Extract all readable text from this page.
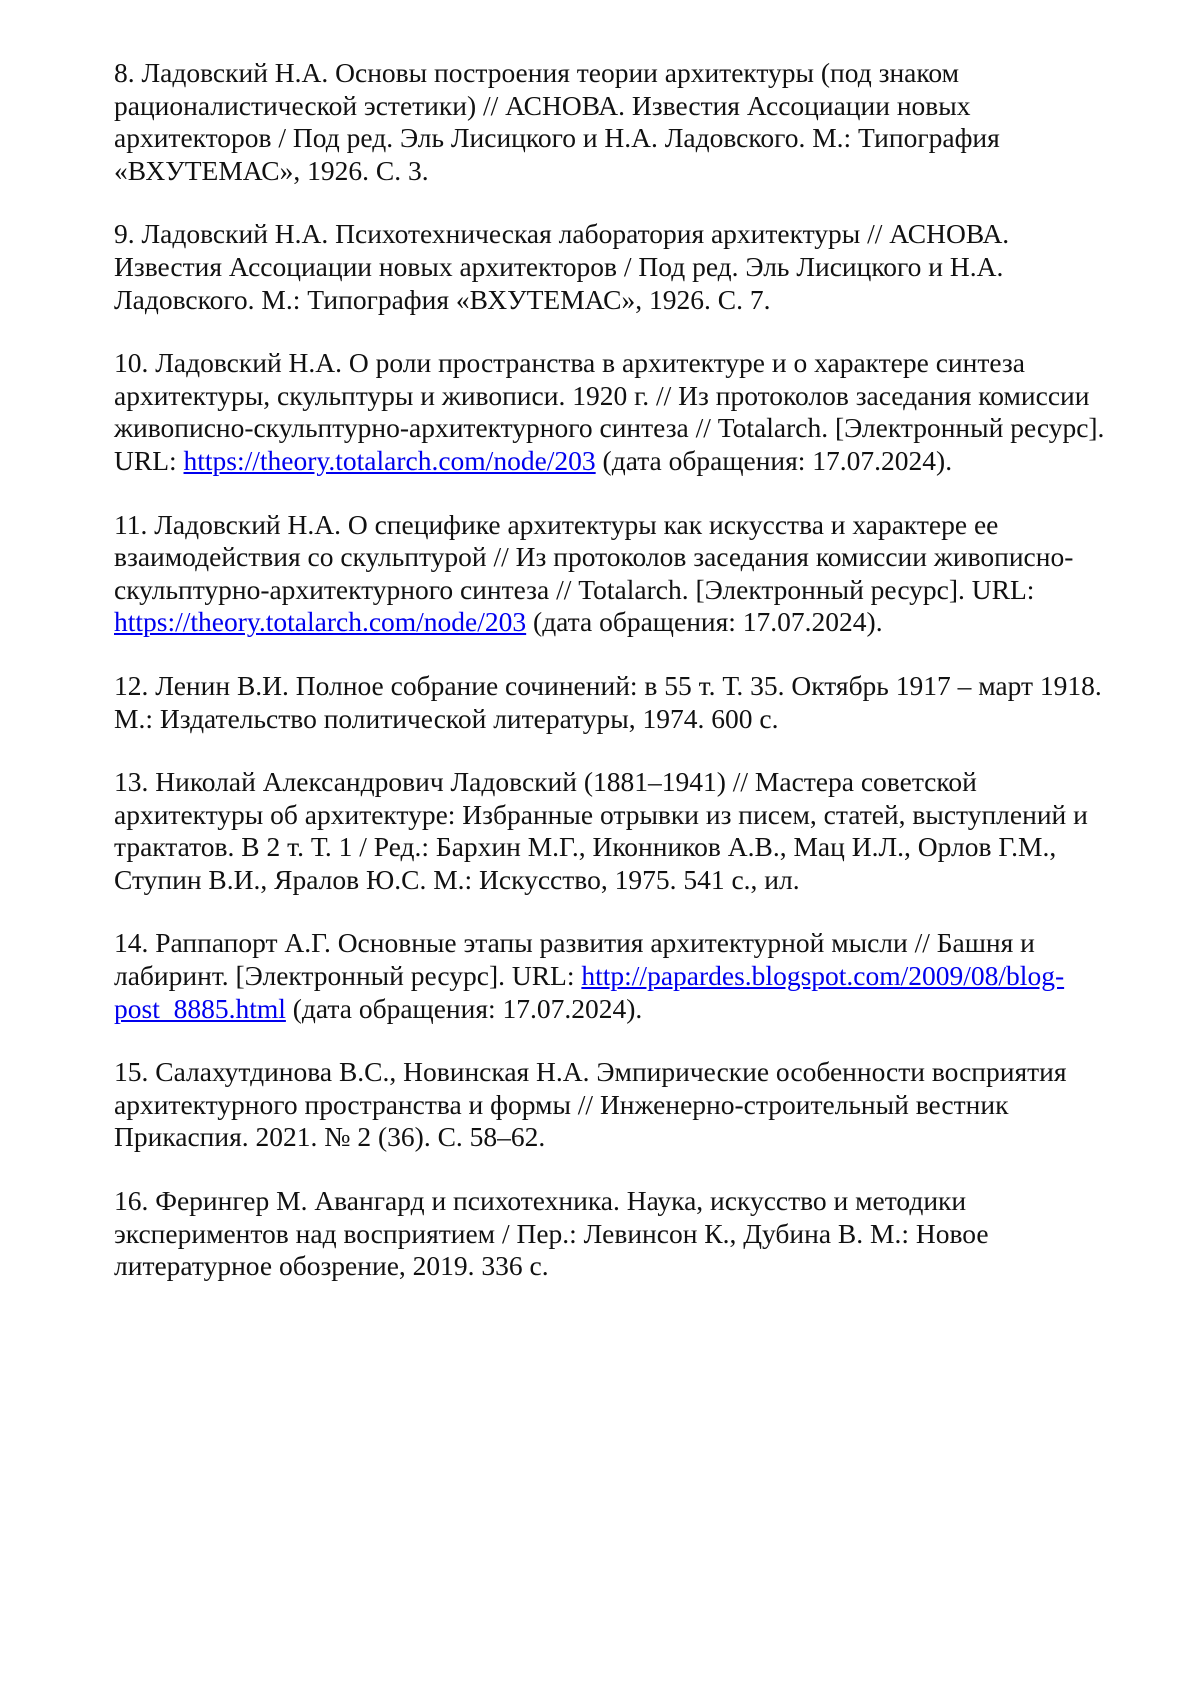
8. Ладовский Н.А. Основы построения теории архитектуры (под знаком рационалистической эстетики) // АСНОВА. Известия Ассоциации новых архитекторов / Под ред. Эль Лисицкого и Н.А. Ладовского. М.: Типография «ВХУТЕМАС», 1926. С. 3.

9. Ладовский Н.А. Психотехническая лаборатория архитектуры // АСНОВА. Известия Ассоциации новых архитекторов / Под ред. Эль Лисицкого и Н.А. Ладовского. М.: Типография «ВХУТЕМАС», 1926. С. 7.

10. Ладовский Н.А. О роли пространства в архитектуре и о характере синтеза архитектуры, скульптуры и живописи. 1920 г. // Из протоколов заседания комиссии живописно-скульптурно-архитектурного синтеза // Totalarch. [Электронный ресурс]. URL: https://theory.totalarch.com/node/203 (дата обращения: 17.07.2024).

11. Ладовский Н.А. О специфике архитектуры как искусства и характере ее взаимодействия со скульптурой // Из протоколов заседания комиссии живописно-скульптурно-архитектурного синтеза // Totalarch. [Электронный ресурс]. URL: https://theory.totalarch.com/node/203 (дата обращения: 17.07.2024).

12. Ленин В.И. Полное собрание сочинений: в 55 т. Т. 35. Октябрь 1917 – март 1918. М.: Издательство политической литературы, 1974. 600 с.

13. Николай Александрович Ладовский (1881–1941) // Мастера советской архитектуры об архитектуре: Избранные отрывки из писем, статей, выступлений и трактатов. В 2 т. Т. 1 / Ред.: Бархин М.Г., Иконников А.В., Мац И.Л., Орлов Г.М., Ступин В.И., Яралов Ю.С. М.: Искусство, 1975. 541 с., ил.

14. Раппапорт А.Г. Основные этапы развития архитектурной мысли // Башня и лабиринт. [Электронный ресурс]. URL: http://papardes.blogspot.com/2009/08/blog-post_8885.html (дата обращения: 17.07.2024).

15. Салахутдинова В.С., Новинская Н.А. Эмпирические особенности восприятия архитектурного пространства и формы // Инженерно-строительный вестник Прикаспия. 2021. № 2 (36). С. 58–62.

16. Ферингер М. Авангард и психотехника. Наука, искусство и методики экспериментов над восприятием / Пер.: Левинсон К., Дубина В. М.: Новое литературное обозрение, 2019. 336 с.
